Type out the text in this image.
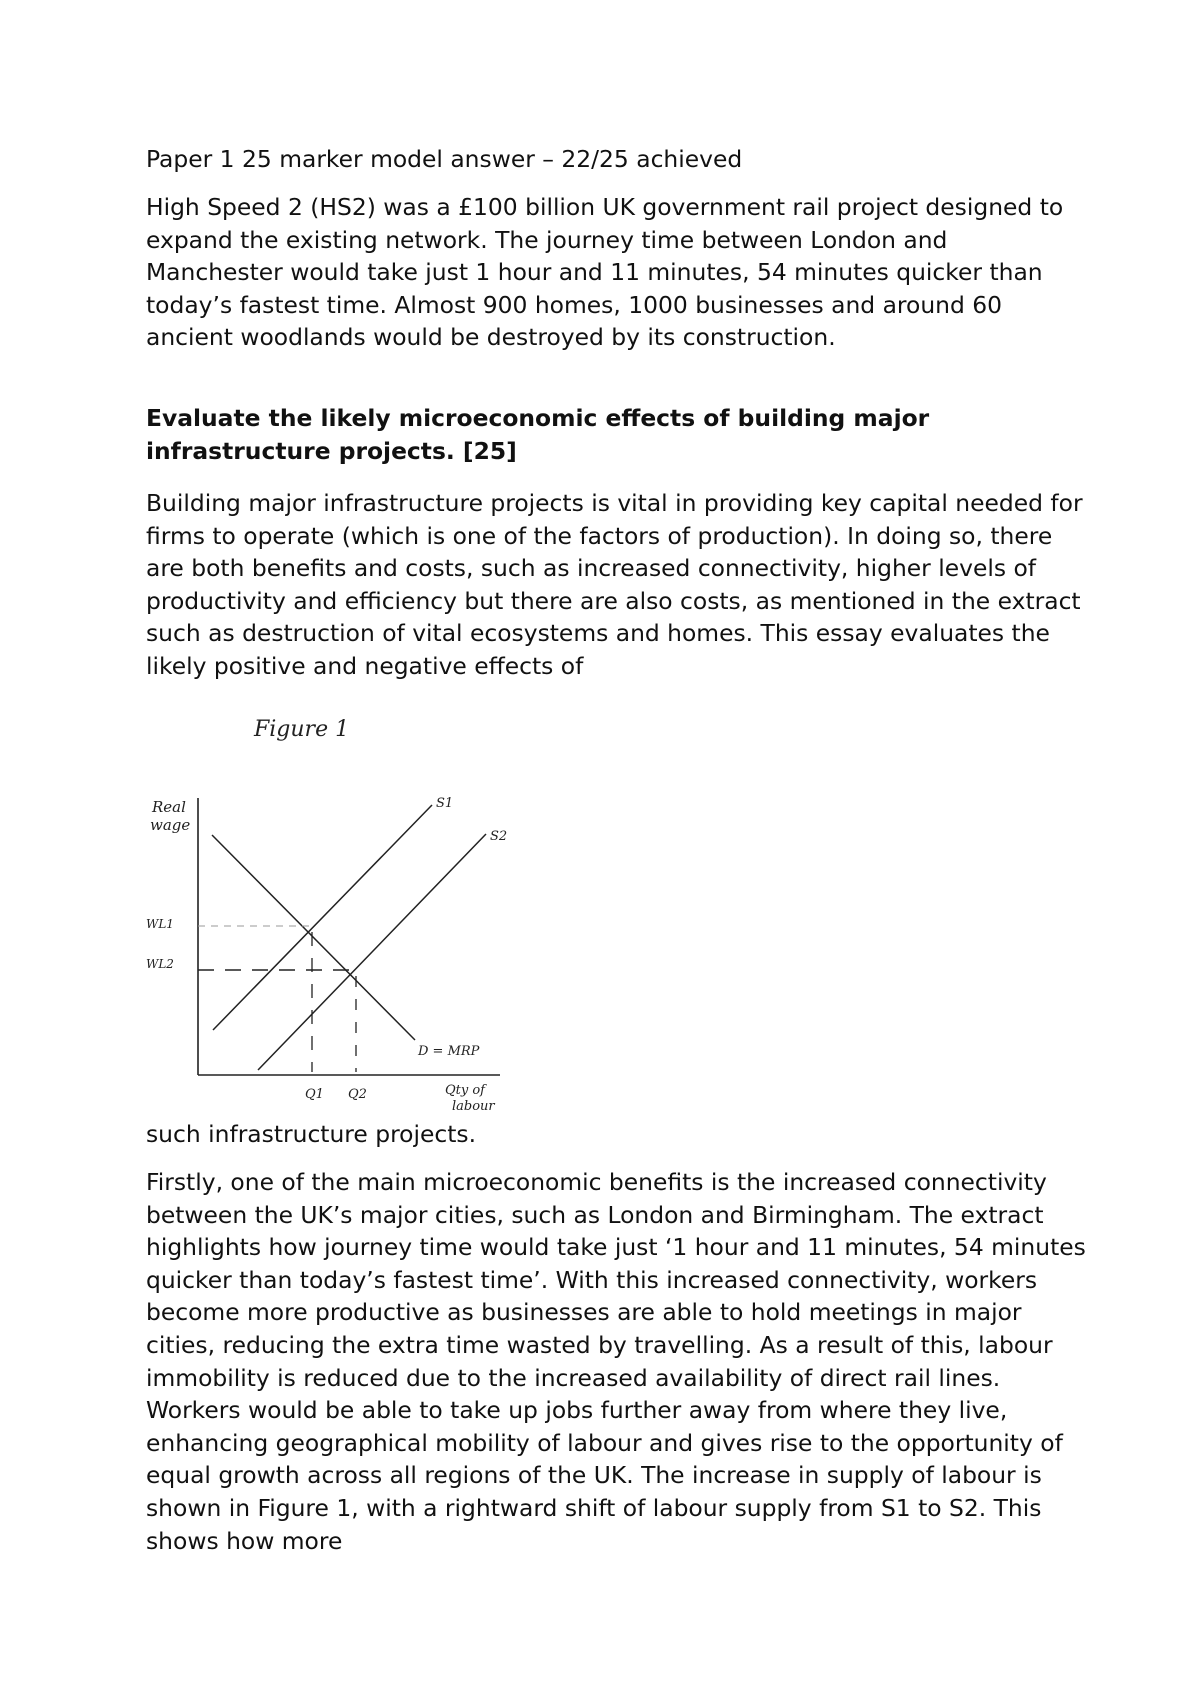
Paper 1 25 marker model answer – 22/25 achieved

High Speed 2 (HS2) was a £100 billion UK government rail project designed to expand the existing network. The journey time between London and Manchester would take just 1 hour and 11 minutes, 54 minutes quicker than today’s fastest time. Almost 900 homes, 1000 businesses and around 60 ancient woodlands would be destroyed by its construction.

Evaluate the likely microeconomic effects of building major infrastructure projects. [25]

Building major infrastructure projects is vital in providing key capital needed for firms to operate (which is one of the factors of production). In doing so, there are both benefits and costs, such as increased connectivity, higher levels of productivity and efficiency but there are also costs, as mentioned in the extract such as destruction of vital ecosystems and homes. This essay evaluates the likely positive and negative effects of

Figure 1
Real
wage
Qty of
labour
D = MRP
S1
S2
WL1
WL2
Q1 Q2

such infrastructure projects.

Firstly, one of the main microeconomic benefits is the increased connectivity between the UK’s major cities, such as London and Birmingham. The extract highlights how journey time would take just ‘1 hour and 11 minutes, 54 minutes quicker than today’s fastest time’. With this increased connectivity, workers become more productive as businesses are able to hold meetings in major cities, reducing the extra time wasted by travelling. As a result of this, labour immobility is reduced due to the increased availability of direct rail lines. Workers would be able to take up jobs further away from where they live, enhancing geographical mobility of labour and gives rise to the opportunity of equal growth across all regions of the UK. The increase in supply of labour is shown in Figure 1, with a rightward shift of labour supply from S1 to S2. This shows how more
